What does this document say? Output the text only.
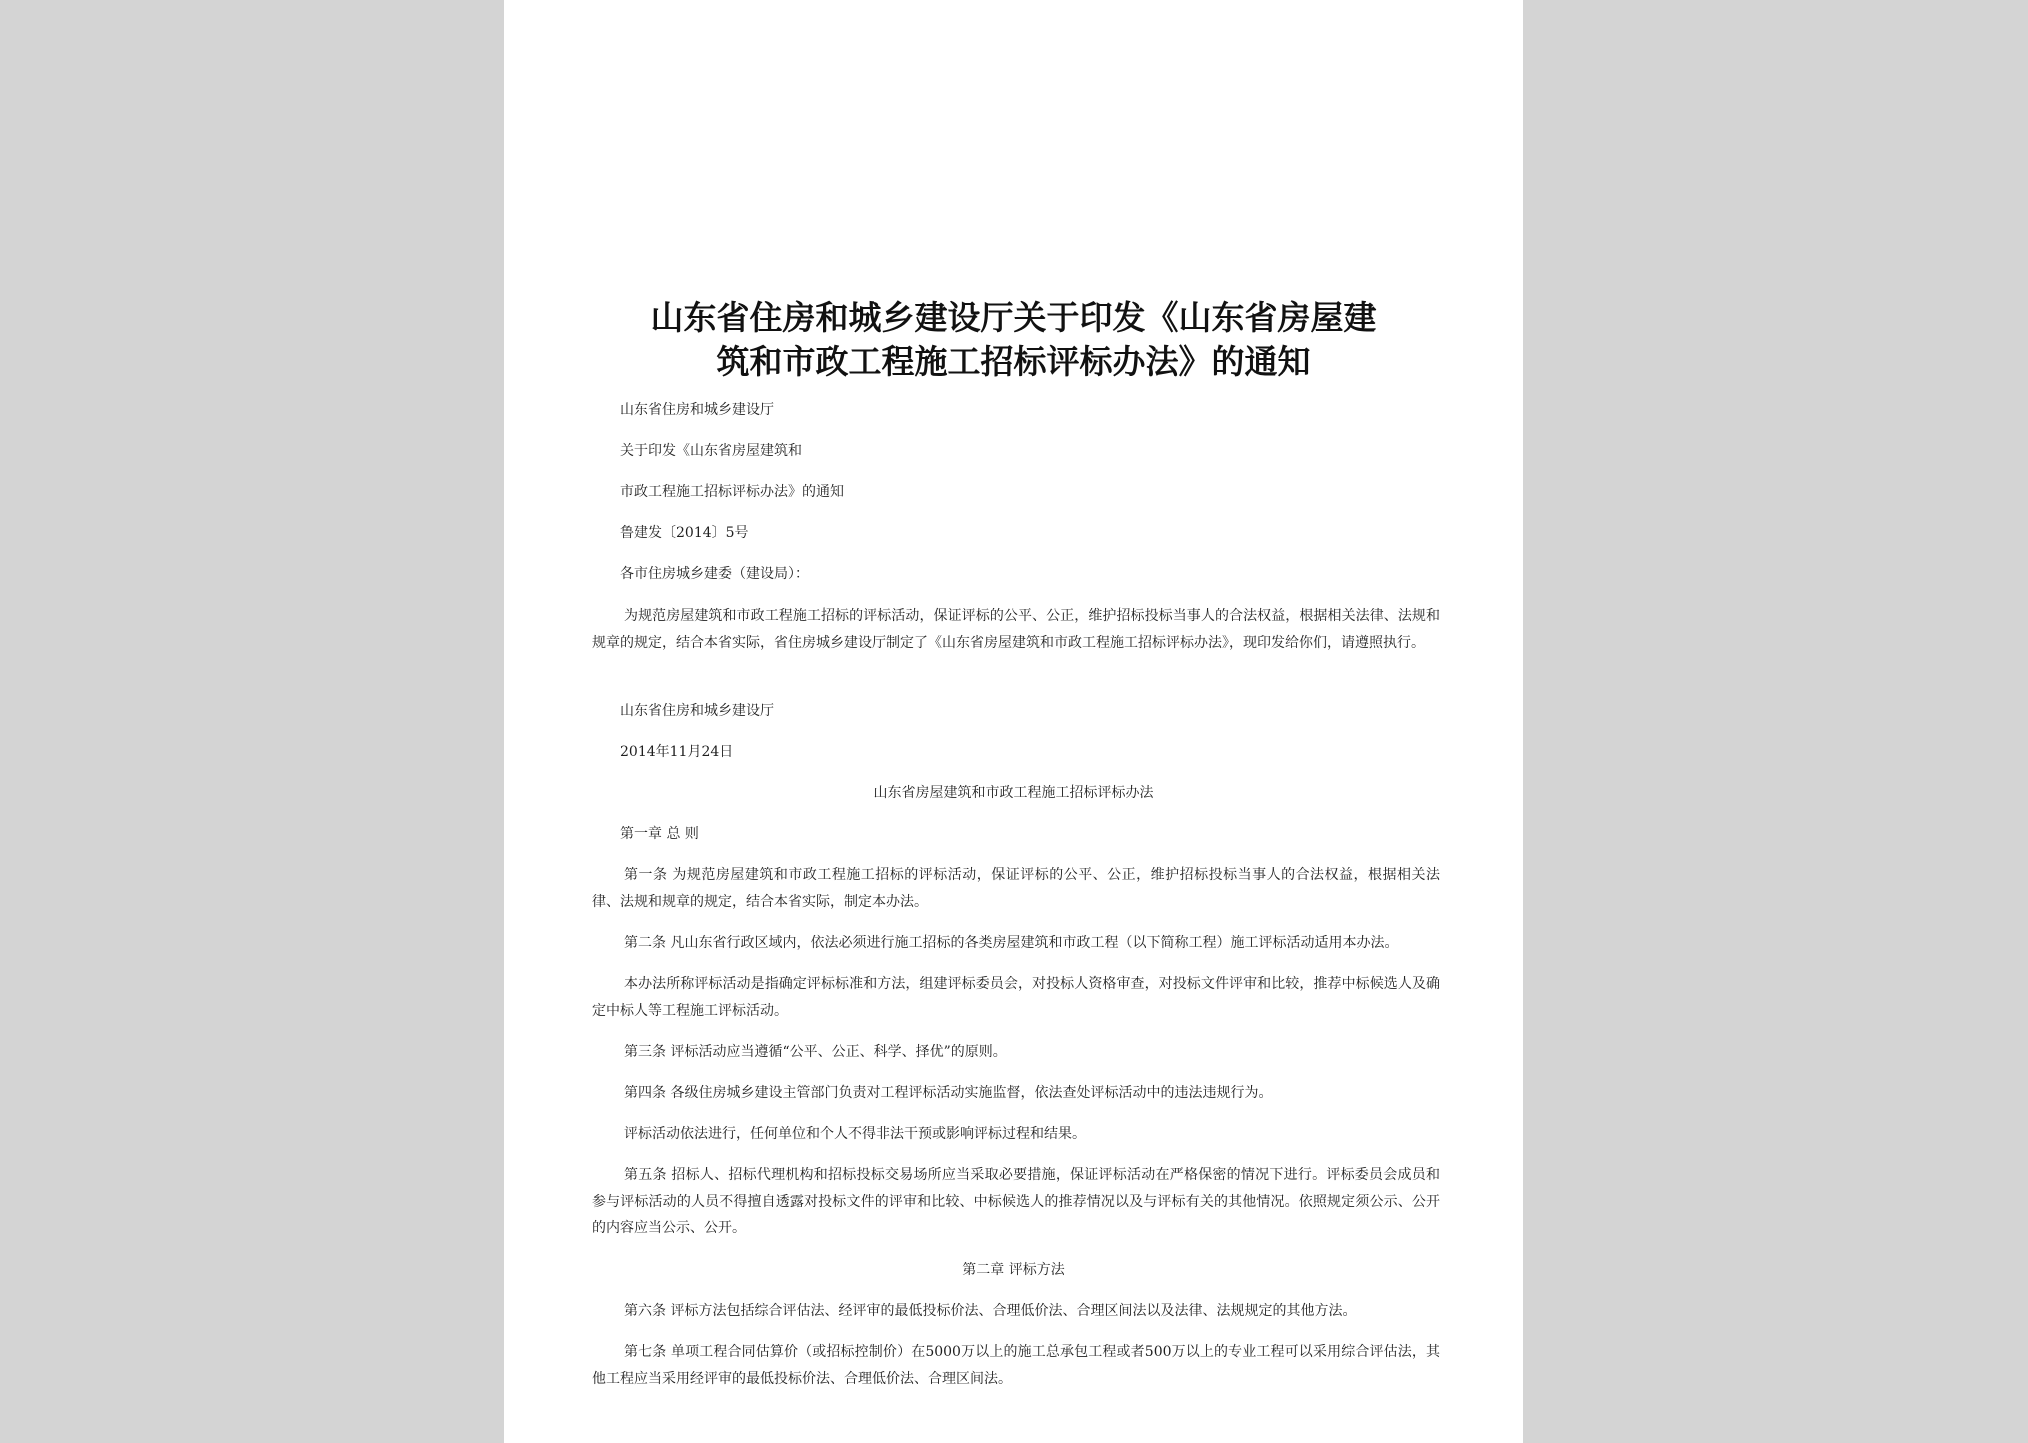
山东省住房和城乡建设厅关于印发《山东省房屋建
筑和市政工程施工招标评标办法》的通知

山东省住房和城乡建设厅

关于印发《山东省房屋建筑和

市政工程施工招标评标办法》的通知

鲁建发〔2014〕5号

各市住房城乡建委（建设局）：

为规范房屋建筑和市政工程施工招标的评标活动，保证评标的公平、公正，维护招标投标当事人的合法权益，根据相关法律、法规和规章的规定，结合本省实际，省住房城乡建设厅制定了《山东省房屋建筑和市政工程施工招标评标办法》，现印发给你们，请遵照执行。

山东省住房和城乡建设厅

2014年11月24日

山东省房屋建筑和市政工程施工招标评标办法

第一章 总 则

第一条 为规范房屋建筑和市政工程施工招标的评标活动，保证评标的公平、公正，维护招标投标当事人的合法权益，根据相关法律、法规和规章的规定，结合本省实际，制定本办法。

第二条 凡山东省行政区域内，依法必须进行施工招标的各类房屋建筑和市政工程（以下简称工程）施工评标活动适用本办法。

本办法所称评标活动是指确定评标标准和方法，组建评标委员会，对投标人资格审查，对投标文件评审和比较，推荐中标候选人及确定中标人等工程施工评标活动。

第三条 评标活动应当遵循“公平、公正、科学、择优”的原则。

第四条 各级住房城乡建设主管部门负责对工程评标活动实施监督，依法查处评标活动中的违法违规行为。

评标活动依法进行，任何单位和个人不得非法干预或影响评标过程和结果。

第五条 招标人、招标代理机构和招标投标交易场所应当采取必要措施，保证评标活动在严格保密的情况下进行。评标委员会成员和参与评标活动的人员不得擅自透露对投标文件的评审和比较、中标候选人的推荐情况以及与评标有关的其他情况。依照规定须公示、公开的内容应当公示、公开。

第二章 评标方法

第六条 评标方法包括综合评估法、经评审的最低投标价法、合理低价法、合理区间法以及法律、法规规定的其他方法。

第七条 单项工程合同估算价（或招标控制价）在5000万以上的施工总承包工程或者500万以上的专业工程可以采用综合评估法，其他工程应当采用经评审的最低投标价法、合理低价法、合理区间法。
